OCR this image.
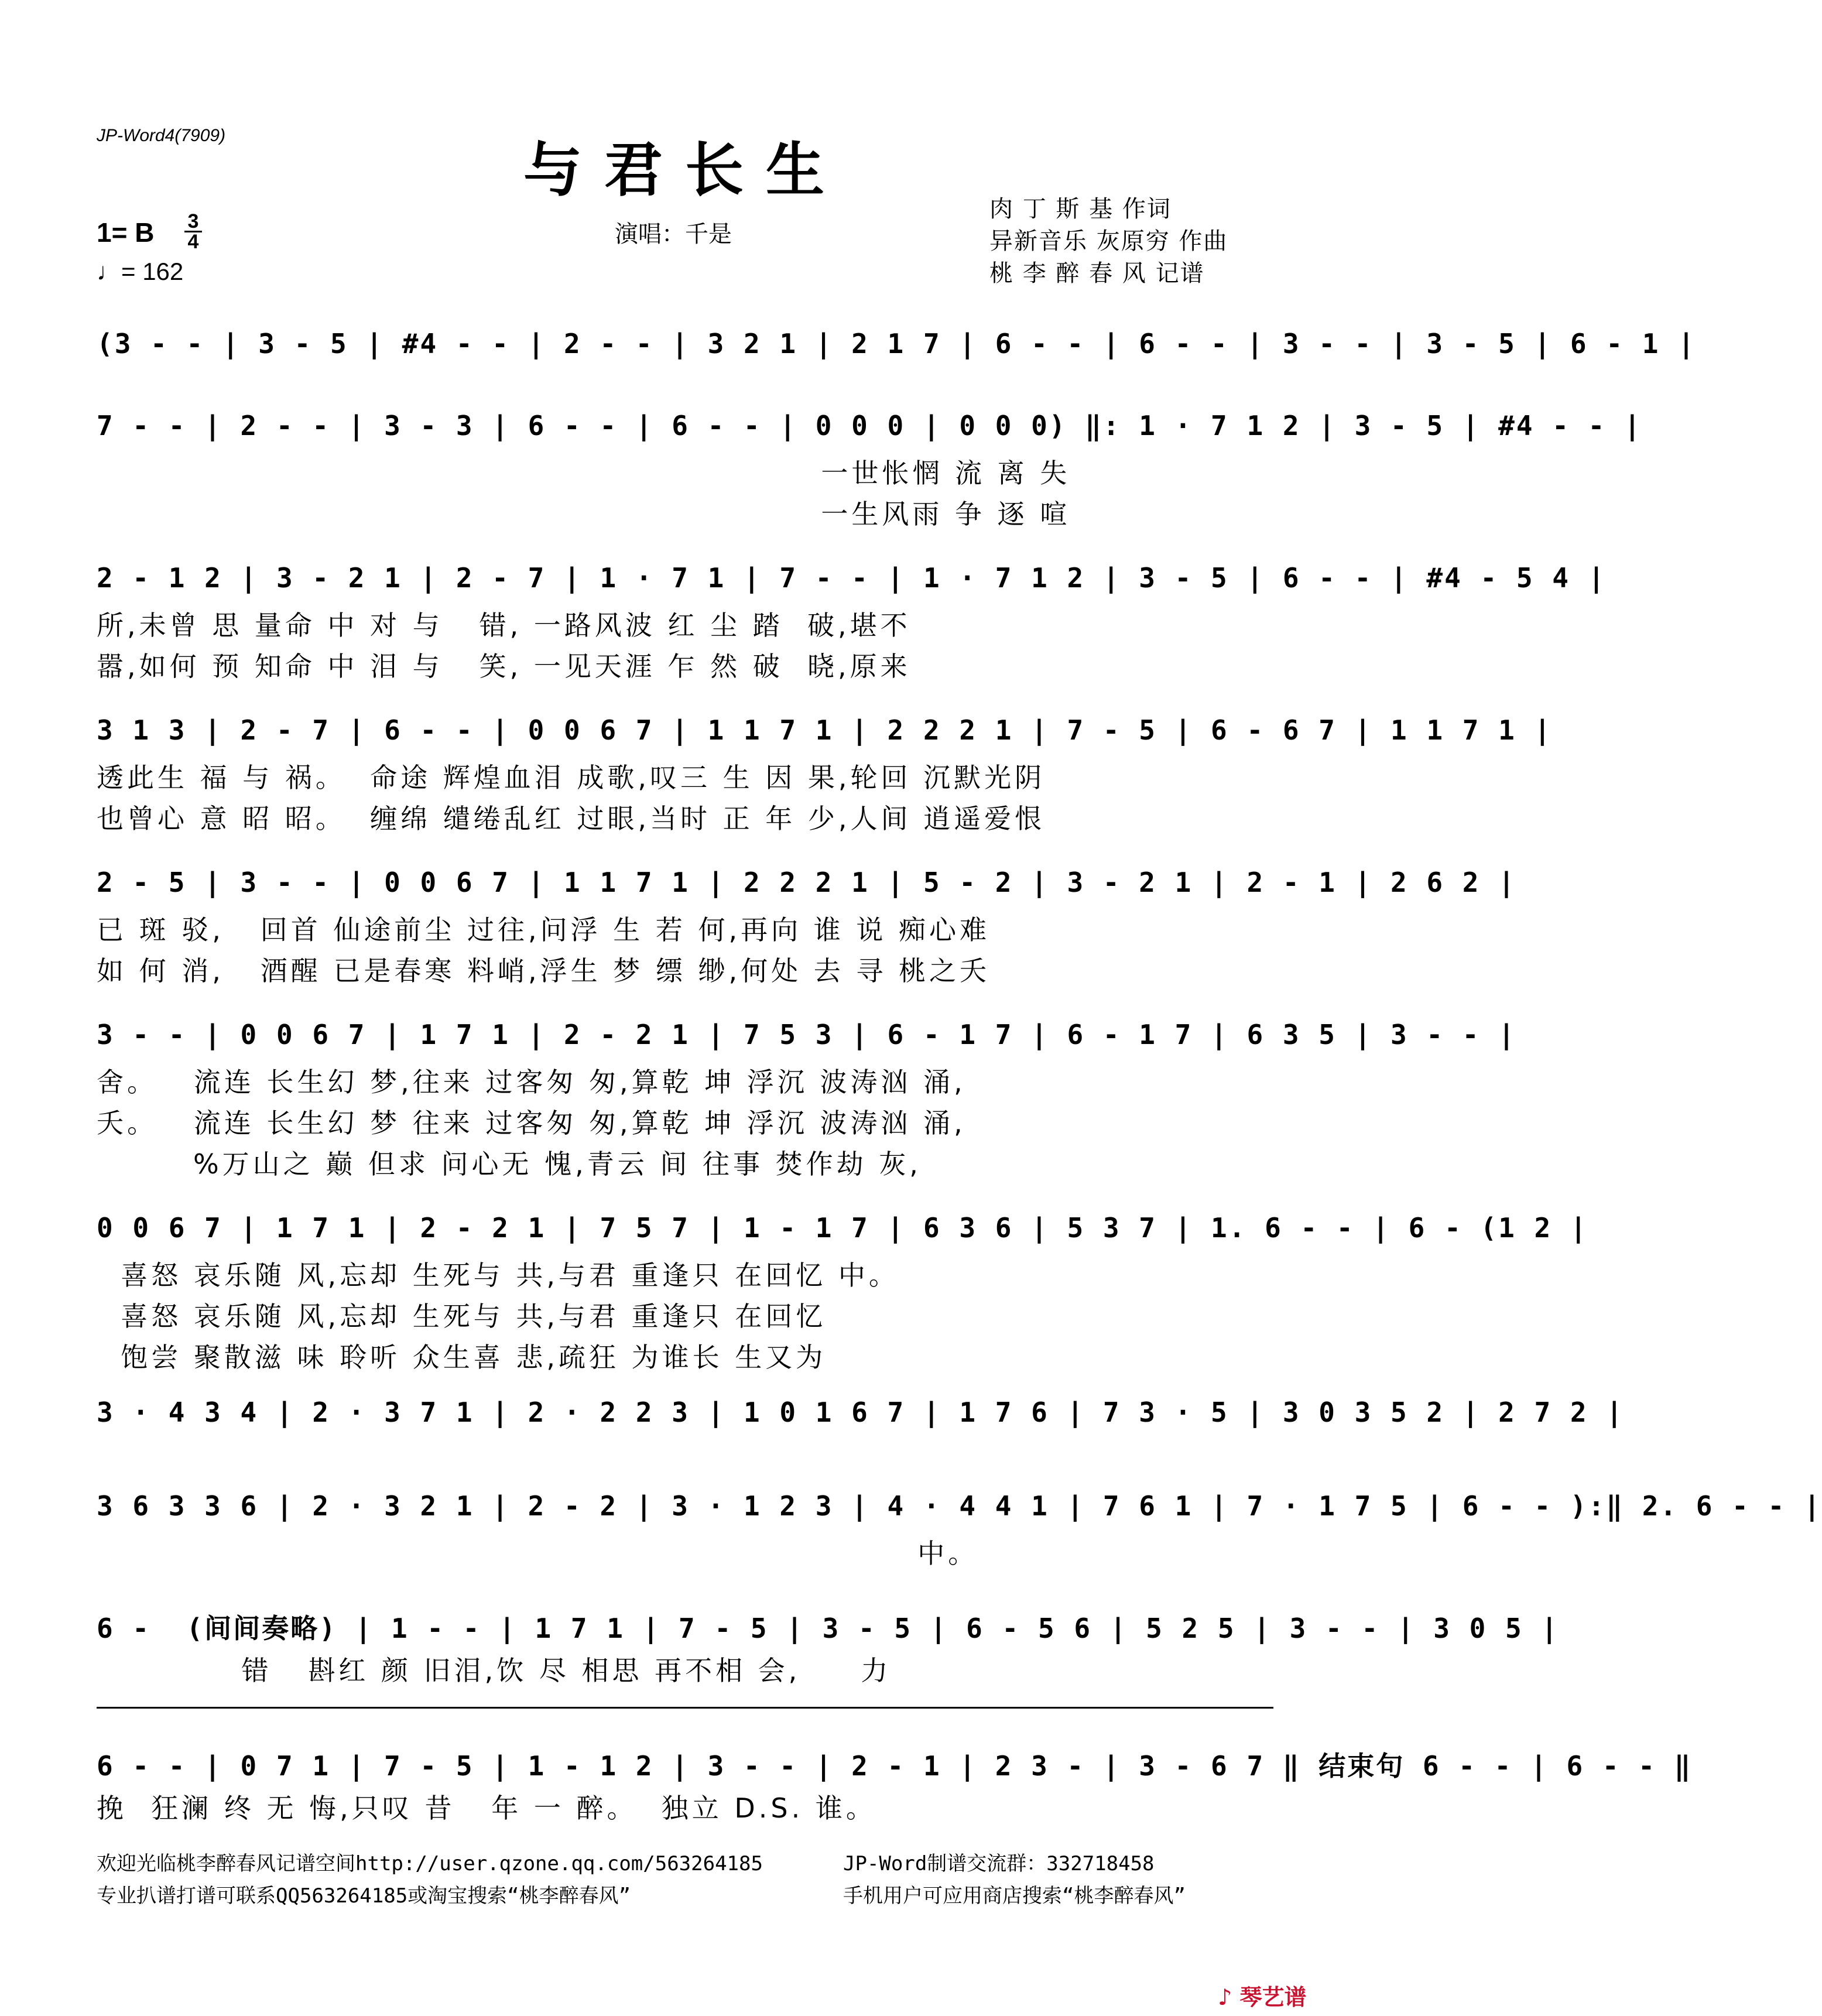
JP-Word4(7909)	与君长生
演唱：千是
肉 丁 斯 基 作词
异新音乐 灰原穷 作曲
桃 李 醉 春 风 记谱
1= B 3
4
♩= 162
(3 - - | 3 - 5 | #4 - - | 2 - - | 3 2 1 | 2 1 7 | 6 - - | 6 - - | 3 - - | 3 - 5 | 6 - 1 |
7 - - | 2 - - | 3 - 3 | 6 - - | 6 - - | 0 0 0 | 0 0 0) ‖: 1 · 7 1 2 | 3 - 5 | #4 - - |
一世怅惘 流 离 失
一生风雨 争 逐 喧
2 - 1 2 | 3 - 2 1 | 2 - 7 | 1 · 7 1 | 7 - - | 1 · 7 1 2 | 3 - 5 | 6 - - | #4 - 5 4 |
所,未曾 思 量命 中 对 与   错, 一路风波 红 尘 踏  破,堪不
嚣,如何 预 知命 中 泪 与   笑, 一见天涯 乍 然 破  晓,原来
3 1 3 | 2 - 7 | 6 - - | 0 0 6 7 | 1 1 7 1 | 2 2 2 1 | 7 - 5 | 6 - 6 7 | 1 1 7 1 |
透此生 福 与 祸。  命途 辉煌血泪 成歌,叹三 生 因 果,轮回 沉默光阴
也曾心 意 昭 昭。  缠绵 缱绻乱红 过眼,当时 正 年 少,人间 逍遥爱恨
2 - 5 | 3 - - | 0 0 6 7 | 1 1 7 1 | 2 2 2 1 | 5 - 2 | 3 - 2 1 | 2 - 1 | 2 6 2 |
已 斑 驳,   回首 仙途前尘 过往,问浮 生 若 何,再向 谁 说 痴心难
如 何 消,   酒醒 已是春寒 料峭,浮生 梦 缥 缈,何处 去 寻 桃之夭
3 - - | 0 0 6 7 | 1 7 1 | 2 - 2 1 | 7 5 3 | 6 - 1 7 | 6 - 1 7 | 6 3 5 | 3 - - |
舍。   流连 长生幻 梦,往来 过客匆 匆,算乾 坤 浮沉 波涛汹 涌,
夭。   流连 长生幻 梦 往来 过客匆 匆,算乾 坤 浮沉 波涛汹 涌,
%万山之 巅 但求 问心无 愧,青云 间 往事 焚作劫 灰,
0 0 6 7 | 1 7 1 | 2 - 2 1 | 7 5 7 | 1 - 1 7 | 6 3 6 | 5 3 7 | 1. 6 - - | 6 - (1 2 |
喜怒 哀乐随 风,忘却 生死与 共,与君 重逢只 在回忆 中。
喜怒 哀乐随 风,忘却 生死与 共,与君 重逢只 在回忆
饱尝 聚散滋 味 聆听 众生喜 悲,疏狂 为谁长 生又为
3 · 4 3 4 | 2 · 3 7 1 | 2 · 2 2 3 | 1 0 1 6 7 | 1 7 6 | 7 3 · 5 | 3 0 3 5 2 | 2 7 2 |
3 6 3 3 6 | 2 · 3 2 1 | 2 - 2 | 3 · 1 2 3 | 4 · 4 4 1 | 7 6 1 | 7 · 1 7 5 | 6 - - ):‖ 2. 6 - - |
中。
6 -  (间间奏略) | 1 - - | 1 7 1 | 7 - 5 | 3 - 5 | 6 - 5 6 | 5 2 5 | 3 - - | 3 0 5 |
错   斟红 颜 旧泪,饮 尽 相思 再不相 会,     力
6 - - | 0 7 1 | 7 - 5 | 1 - 1 2 | 3 - - | 2 - 1 | 2 3 - | 3 - 6 7 ‖ 结束句 6 - - | 6 - - ‖
挽  狂澜 终 无 悔,只叹 昔   年 一 醉。  独立 D.S. 谁。
欢迎光临桃李醉春风记谱空间http://user.qzone.qq.com/563264185	JP-Word制谱交流群：332718458
专业扒谱打谱可联系QQ563264185或淘宝搜索“桃李醉春风”	手机用户可应用商店搜索“桃李醉春风”
♪ 琴艺谱
